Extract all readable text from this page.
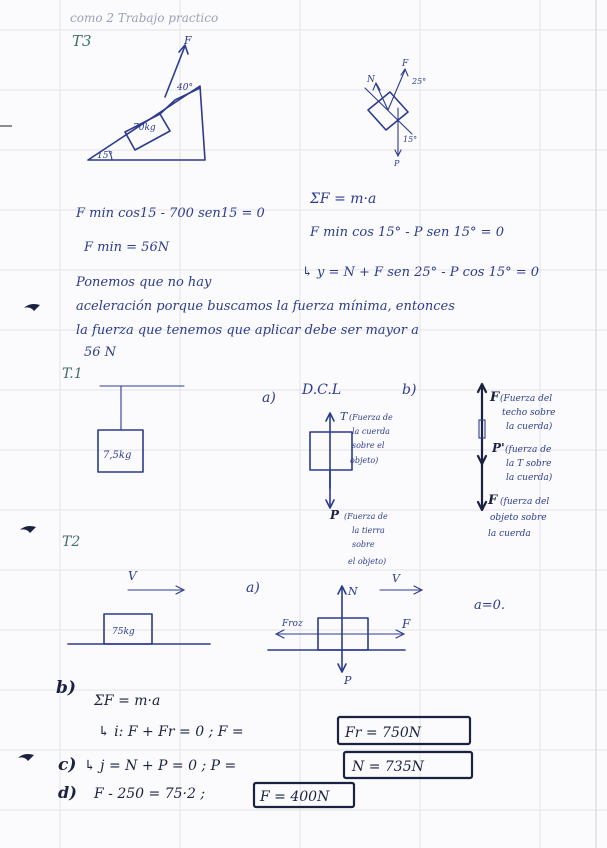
como 2 Trabajo practico
T3	F
40°
70kg
15°
N
F
25°
15°
P
F min cos15 - 700 sen15 = 0
F min = 56N
ΣF = m·a
F min cos 15° - P sen 15° = 0
↳ y = N + F sen 25° - P cos 15° = 0
Ponemos que no hay
aceleración porque buscamos la fuerza mínima, entonces
la fuerza que tenemos que aplicar debe ser mayor a
56 N
T.1
7,5kg
a) D.C.L	b)
T (Fuerza de
la cuerda
sobre el
objeto)
P (Fuerza de
la tierra
sobre
el objeto)
F (Fuerza del
techo sobre
la cuerda)
P' (fuerza de
la T sobre
la cuerda)
F (fuerza del
objeto sobre
la cuerda
T2
V
75kg
a)	N
V
Froz	F
P
a=0.
b)
ΣF = m·a
↳ i: F + Fr = 0 ; F =	Fr = 750N
c) ↳ j = N + P = 0 ; P =	N = 735N
d) F - 250 = 75·2 ;	F = 400N
